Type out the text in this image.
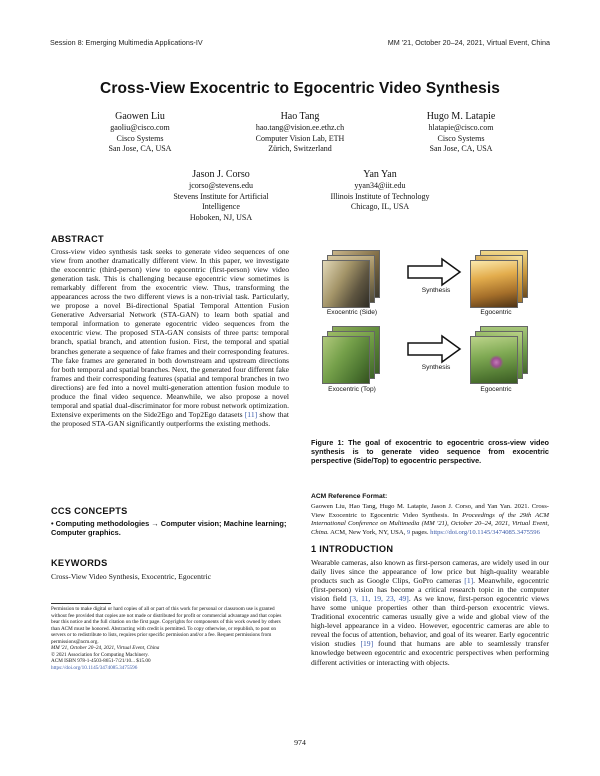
Session 8: Emerging Multimedia Applications-IV	MM '21, October 20–24, 2021, Virtual Event, China
Cross-View Exocentric to Egocentric Video Synthesis
Gaowen Liu
gaoliu@cisco.com
Cisco Systems
San Jose, CA, USA
Hao Tang
hao.tang@vision.ee.ethz.ch
Computer Vision Lab, ETH
Zürich, Switzerland
Hugo M. Latapie
hlatapie@cisco.com
Cisco Systems
San Jose, CA, USA
Jason J. Corso
jcorso@stevens.edu
Stevens Institute for Artificial
Intelligence
Hoboken, NJ, USA
Yan Yan
yyan34@iit.edu
Illinois Institute of Technology
Chicago, IL, USA
ABSTRACT
Cross-view video synthesis task seeks to generate video sequences of one view from another dramatically different view. In this paper, we investigate the exocentric (third-person) view to egocentric (first-person) view video generation task. This is challenging because egocentric view sometimes is remarkably different from the exocentric view. Thus, transforming the appearances across the two different views is a non-trivial task. Particularly, we propose a novel Bi-directional Spatial Temporal Attention Fusion Generative Adversarial Network (STA-GAN) to learn both spatial and temporal information to generate egocentric video sequences from the exocentric view. The proposed STA-GAN consists of three parts: temporal branch, spatial branch, and attention fusion. First, the temporal and spatial branches generate a sequence of fake frames and their corresponding features. The fake frames are generated in both downstream and upstream directions for both temporal and spatial branches. Next, the generated four different fake frames and their corresponding features (spatial and temporal branches in two directions) are fed into a novel multi-generation attention fusion module to produce the final video sequence. Meanwhile, we also propose a novel temporal and spatial dual-discriminator for more robust network optimization. Extensive experiments on the Side2Ego and Top2Ego datasets [11] show that the proposed STA-GAN significantly outperforms the existing methods.
CCS CONCEPTS
• Computing methodologies → Computer vision; Machine learning; Computer graphics.
KEYWORDS
Cross-View Video Synthesis, Exocentric, Egocentric
Permission to make digital or hard copies of all or part of this work for personal or classroom use is granted without fee provided that copies are not made or distributed for profit or commercial advantage and that copies bear this notice and the full citation on the first page. Copyrights for components of this work owned by others than ACM must be honored. Abstracting with credit is permitted. To copy otherwise, or republish, to post on servers or to redistribute to lists, requires prior specific permission and/or a fee. Request permissions from permissions@acm.org.
MM '21, October 20–24, 2021, Virtual Event, China
© 2021 Association for Computing Machinery.
ACM ISBN 978-1-4503-8651-7/21/10... $15.00
https://doi.org/10.1145/3474085.3475596
Exocentric (Side)
Synthesis
Egocentric
Exocentric (Top)
Synthesis
Egocentric
Figure 1: The goal of exocentric to egocentric cross-view video synthesis is to generate video sequence from exocentric perspective (Side/Top) to egocentric perspective.
ACM Reference Format:
Gaowen Liu, Hao Tang, Hugo M. Latapie, Jason J. Corso, and Yan Yan. 2021. Cross-View Exocentric to Egocentric Video Synthesis. In Proceedings of the 29th ACM International Conference on Multimedia (MM '21), October 20–24, 2021, Virtual Event, China. ACM, New York, NY, USA, 9 pages. https://doi.org/10.1145/3474085.3475596
1 INTRODUCTION
Wearable cameras, also known as first-person cameras, are widely used in our daily lives since the appearance of low price but high-quality wearable products such as Google Clips, GoPro cameras [1]. Meanwhile, egocentric (first-person) vision has become a critical research topic in the computer vision field [3, 11, 19, 23, 49]. As we know, first-person egocentric views have some unique properties other than third-person exocentric views. Traditional exocentric cameras usually give a wide and global view of the high-level appearance in a video. However, egocentric cameras are able to reveal the focus of attention, behavior, and goal of its wearer. Early egocentric vision studies [19] found that humans are able to seamlessly transfer knowledge between egocentric and exocentric perspectives when performing different activities or interacting with objects.
974
